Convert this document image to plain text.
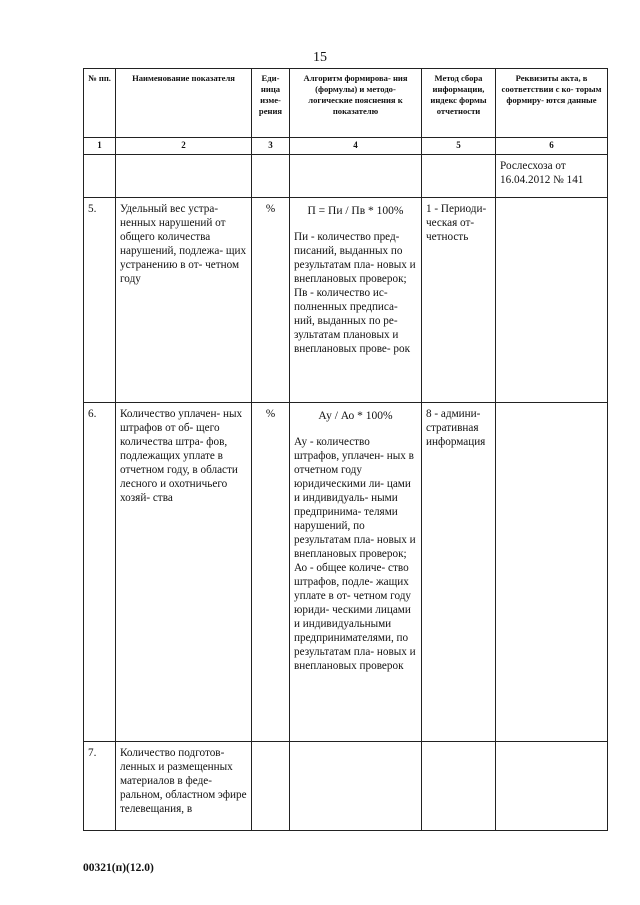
15
№ пп.	Наименование показателя	Еди- ница изме- рения	Алгоритм формирова- ния (формулы) и методо- логические пояснения к показателю	Метод сбора информации, индекс формы отчетности	Реквизиты акта, в соответствии с ко- торым формиру- ются данные
1	2	3	4	5	6
					Рослесхоза от 16.04.2012 № 141
5.	Удельный вес устра- ненных нарушений от общего количества нарушений, подлежа- щих устранению в от- четном году	%	П = Пи / Пв * 100%
Пи - количество пред- писаний, выданных по результатам пла- новых и внеплановых проверок;
Пв - количество ис- полненных предписа- ний, выданных по ре- зультатам плановых и внеплановых прове- рок	1 - Периоди- ческая от- четность	
6.	Количество уплачен- ных штрафов от об- щего количества штра- фов, подлежащих уплате в отчетном году, в области лесного и охотничьего хозяй- ства	%	Ау / Ао * 100%
Ау - количество штрафов, уплачен- ных в отчетном году юридическими ли- цами и индивидуаль- ными предпринима- телями нарушений, по результатам пла- новых и внеплановых проверок;
Ао - общее количе- ство штрафов, подле- жащих уплате в от- четном году юриди- ческими лицами и индивидуальными предпринимателями, по результатам пла- новых и внеплановых проверок	8 - админи- стративная информация	
7.	Количество подготов- ленных и размещенных материалов в феде- ральном, областном эфире телевещания, в				
00321(п)(12.0)
